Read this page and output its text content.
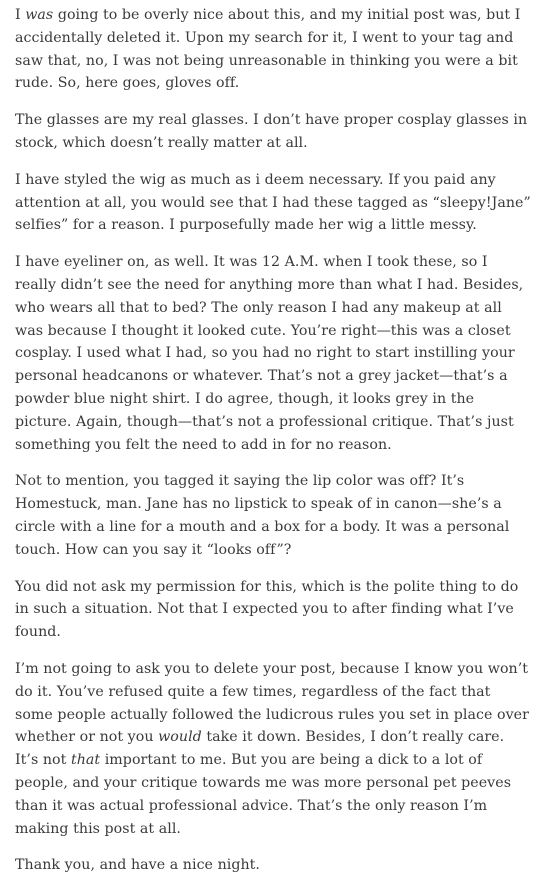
I was going to be overly nice about this, and my initial post was, but I accidentally deleted it. Upon my search for it, I went to your tag and saw that, no, I was not being unreasonable in thinking you were a bit rude. So, here goes, gloves off.

The glasses are my real glasses. I don’t have proper cosplay glasses in stock, which doesn’t really matter at all.

I have styled the wig as much as i deem necessary. If you paid any attention at all, you would see that I had these tagged as “sleepy!Jane” selfies” for a reason. I purposefully made her wig a little messy.

I have eyeliner on, as well. It was 12 A.M. when I took these, so I really didn’t see the need for anything more than what I had. Besides, who wears all that to bed? The only reason I had any makeup at all was because I thought it looked cute. You’re right—this was a closet cosplay. I used what I had, so you had no right to start instilling your personal headcanons or whatever. That’s not a grey jacket—that’s a powder blue night shirt. I do agree, though, it looks grey in the picture. Again, though—that’s not a professional critique. That’s just something you felt the need to add in for no reason.

Not to mention, you tagged it saying the lip color was off? It’s Homestuck, man. Jane has no lipstick to speak of in canon—she’s a circle with a line for a mouth and a box for a body. It was a personal touch. How can you say it “looks off”?

You did not ask my permission for this, which is the polite thing to do in such a situation. Not that I expected you to after finding what I’ve found.

I’m not going to ask you to delete your post, because I know you won’t do it. You’ve refused quite a few times, regardless of the fact that some people actually followed the ludicrous rules you set in place over whether or not you would take it down. Besides, I don’t really care. It’s not that important to me. But you are being a dick to a lot of people, and your critique towards me was more personal pet peeves than it was actual professional advice. That’s the only reason I’m making this post at all.

Thank you, and have a nice night.
